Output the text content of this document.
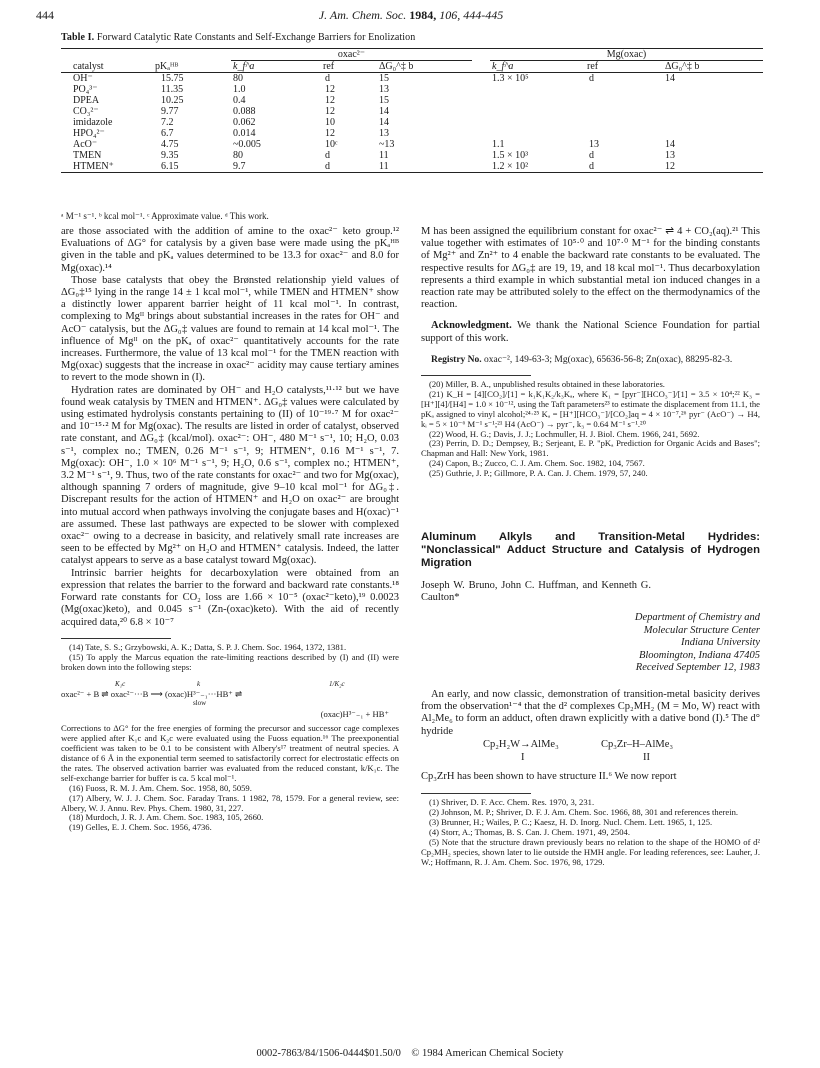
444	J. Am. Chem. Soc. 1984, 106, 444-445
Table I. Forward Catalytic Rate Constants and Self-Exchange Barriers for Enolization
		oxac²⁻				Mg(oxac)		
catalyst	pKₐᴴᴮ	k_f^a	ref	ΔG₀^‡ b		k_f^a	ref	ΔG₀^‡ b
OH⁻	15.75	80	d	15		1.3 × 10⁵	d	14
PO₄³⁻	11.35	1.0	12	13				
DPEA	10.25	0.4	12	15				
CO₃²⁻	9.77	0.088	12	14				
imidazole	7.2	0.062	10	14				
HPO₄²⁻	6.7	0.014	12	13				
AcO⁻	4.75	~0.005	10ᶜ	~13		1.1	13	14
TMEN	9.35	80	d	11		1.5 × 10³	d	13
HTMEN⁺	6.15	9.7	d	11		1.2 × 10²	d	12
ᵃ M⁻¹ s⁻¹. ᵇ kcal mol⁻¹. ᶜ Approximate value. ᵈ This work.

are those associated with the addition of amine to the oxac²⁻ keto group.¹² Evaluations of ΔG° for catalysis by a given base were made using the pKₐᴴᴮ given in the table and pKₐ values determined to be 13.3 for oxac²⁻ and 8.0 for Mg(oxac).¹⁴

Those base catalysts that obey the Brønsted relationship yield values of ΔG₀‡¹⁵ lying in the range 14 ± 1 kcal mol⁻¹, while TMEN and HTMEN⁺ show a distinctly lower apparent barrier height of 11 kcal mol⁻¹. In contrast, complexing to Mgᴵᴵ brings about substantial increases in the rates for OH⁻ and AcO⁻ catalysis, but the ΔG₀‡ values are found to remain at 14 kcal mol⁻¹. The influence of Mgᴵᴵ on the pKₐ of oxac²⁻ quantitatively accounts for the rate increases. Furthermore, the value of 13 kcal mol⁻¹ for the TMEN reaction with Mg(oxac) suggests that the increase in oxac²⁻ acidity may cause tertiary amines to revert to the mode shown in (I).

Hydration rates are dominated by OH⁻ and H₂O catalysts,¹¹·¹² but we have found weak catalysis by TMEN and HTMEN⁺. ΔG₀‡ values were calculated by using estimated hydrolysis constants pertaining to (II) of 10⁻¹⁹·⁷ M for oxac²⁻ and 10⁻¹⁵·² M for Mg(oxac). The results are listed in order of catalyst, observed rate constant, and ΔG₀‡ (kcal/mol). oxac²⁻: OH⁻, 480 M⁻¹ s⁻¹, 10; H₂O, 0.03 s⁻¹, complex no.; TMEN, 0.26 M⁻¹ s⁻¹, 9; HTMEN⁺, 0.16 M⁻¹ s⁻¹, 7. Mg(oxac): OH⁻, 1.0 × 10⁶ M⁻¹ s⁻¹, 9; H₂O, 0.6 s⁻¹, complex no.; HTMEN⁺, 3.2 M⁻¹ s⁻¹, 9. Thus, two of the rate constants for oxac²⁻ and two for Mg(oxac), although spanning 7 orders of magnitude, give 9–10 kcal mol⁻¹ for ΔG₀‡. Discrepant results for the action of HTMEN⁺ and H₂O on oxac²⁻ are brought into mutual accord when pathways involving the conjugate bases and H(oxac)⁻¹ are assumed. These last pathways are expected to be slower with complexed oxac²⁻ owing to a decrease in basicity, and relatively small rate increases are seen to be effected by Mg²⁺ on H₂O and HTMEN⁺ catalysis. Indeed, the latter catalyst appears to serve as a base catalyst toward Mg(oxac).

Intrinsic barrier heights for decarboxylation were obtained from an expression that relates the barrier to the forward and backward rate constants.¹⁸ Forward rate constants for CO₂ loss are 1.66 × 10⁻⁵ (oxac²⁻keto),¹⁹ 0.0023 (Mg(oxac)keto), and 0.045 s⁻¹ (Zn-(oxac)keto). With the aid of recently acquired data,²⁰ 6.8 × 10⁻⁷

(14) Tate, S. S.; Grzybowski, A. K.; Datta, S. P. J. Chem. Soc. 1964, 1372, 1381.

(15) To apply the Marcus equation the rate-limiting reactions described by (I) and (II) were broken down into the following steps:

oxac²⁻ + B ⇌ oxac²⁻···B ⟶ (oxac)H³⁻₋₁···HB⁺ ⇌
K₁c	k
slow
1/K₂c
(oxac)H³⁻₋₁ + HB⁺

Corrections to ΔG° for the free energies of forming the precursor and successor cage complexes were applied after K₁c and K₂c were evaluated using the Fuoss equation.¹⁶ The preexponential coefficient was taken to be 0.1 to be consistent with Albery's¹⁷ treatment of neutral species. A distance of 6 Å in the exponential term seemed to satisfactorily correct for electrostatic effects on the rates. The observed activation barrier was evaluated from the reduced constant, k/K₁c. The self-exchange barrier for buffer is ca. 5 kcal mol⁻¹.

(16) Fuoss, R. M. J. Am. Chem. Soc. 1958, 80, 5059.

(17) Albery, W. J. J. Chem. Soc. Faraday Trans. 1 1982, 78, 1579. For a general review, see: Albery, W. J. Annu. Rev. Phys. Chem. 1980, 31, 227.

(18) Murdoch, J. R. J. Am. Chem. Soc. 1983, 105, 2660.

(19) Gelles, E. J. Chem. Soc. 1956, 4736.

M has been assigned the equilibrium constant for oxac²⁻ ⇌ 4 + CO₂(aq).²¹ This value together with estimates of 10⁵·⁰ and 10⁷·⁰ M⁻¹ for the binding constants of Mg²⁺ and Zn²⁺ to 4 enable the backward rate constants to be evaluated. The respective results for ΔG₀‡ are 19, 19, and 18 kcal mol⁻¹. Thus decarboxylation represents a third example in which substantial metal ion induced changes in a reaction rate may be attributed solely to the effect on the thermodynamics of the reaction.

Acknowledgment. We thank the National Science Foundation for partial support of this work.

Registry No. oxac⁻², 149-63-3; Mg(oxac), 65636-56-8; Zn(oxac), 88295-82-3.

(20) Miller, B. A., unpublished results obtained in these laboratories.

(21) K_H = [4][CO₂]/[1] = k₁K₁K₂/k₃Kₐ, where K₁ = [pyr⁻][HCO₃⁻]/[1] = 3.5 × 10⁴;²² K₃ = [H⁺][4]/[H4] = 1.0 × 10⁻¹², using the Taft parameters²³ to estimate the displacement from 11.1, the pKₐ assigned to vinyl alcohol;²⁴·²⁵ Kₐ = [H⁺][HCO₃⁻]/[CO₂]aq = 4 × 10⁻⁷,²⁶ pyr⁻ (AcO⁻) → H4, kᵢ = 5 × 10⁻⁶ M⁻¹ s⁻¹;²¹ H4 (AcO⁻) → pyr⁻, k₃ = 0.64 M⁻¹ s⁻¹.²⁰

(22) Wood, H. G.; Davis, J. J.; Lochmuller, H. J. Biol. Chem. 1966, 241, 5692.

(23) Perrin, D. D.; Dempsey, B.; Serjeant, E. P. "pKₐ Prediction for Organic Acids and Bases"; Chapman and Hall: New York, 1981.

(24) Capon, B.; Zucco, C. J. Am. Chem. Soc. 1982, 104, 7567.

(25) Guthrie, J. P.; Gillmore, P. A. Can. J. Chem. 1979, 57, 240.

Aluminum Alkyls and Transition-Metal Hydrides: "Nonclassical" Adduct Structure and Catalysis of Hydrogen Migration
Joseph W. Bruno, John C. Huffman, and Kenneth G. Caulton*
Department of Chemistry and
Molecular Structure Center
Indiana University
Bloomington, Indiana 47405
Received September 12, 1983

An early, and now classic, demonstration of transition-metal basicity derives from the observation¹⁻⁴ that the d² complexes Cp₂MH₂ (M = Mo, W) react with Al₂Me₆ to form an adduct, often drawn explicitly with a dative bond (I).⁵ The d° hydride

Cp₂H₂W→AlMe₃
I
Cp₃Zr–H–AlMe₃
II

Cp₃ZrH has been shown to have structure II.⁶ We now report

(1) Shriver, D. F. Acc. Chem. Res. 1970, 3, 231.

(2) Johnson, M. P.; Shriver, D. F. J. Am. Chem. Soc. 1966, 88, 301 and references therein.

(3) Brunner, H.; Wailes, P. C.; Kaesz, H. D. Inorg. Nucl. Chem. Lett. 1965, 1, 125.

(4) Storr, A.; Thomas, B. S. Can. J. Chem. 1971, 49, 2504.

(5) Note that the structure drawn previously bears no relation to the shape of the HOMO of d² Cp₂MH₂ species, shown later to lie outside the HMH angle. For leading references, see: Lauher, J. W.; Hoffmann, R. J. Am. Chem. Soc. 1976, 98, 1729.

0002-7863/84/1506-0444$01.50/0 © 1984 American Chemical Society
